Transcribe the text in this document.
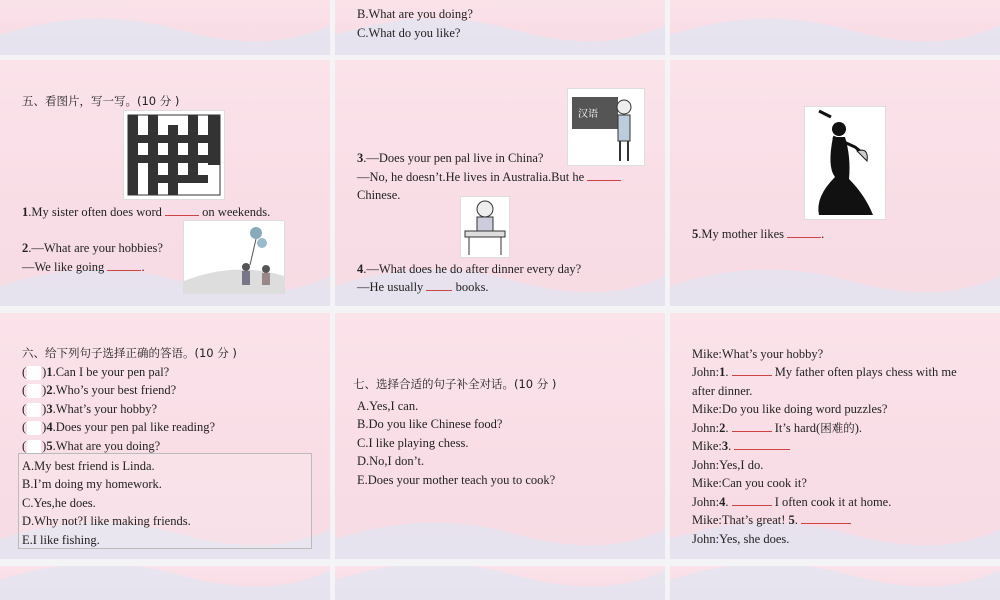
B.What are you doing?
C.What do you like?
五、看图片，写一写。(10 分 )
1.My sister often does word	on weekends.
2.—What are your hobbies?
—We like going	.
汉语
3.—Does your pen pal live in China?
—No, he doesn’t.He lives in Australia.But he
Chinese.
4.—What does he do after dinner every day?
—He usually  books.
5.My mother likes	.
六、给下列句子选择正确的答语。(10 分 )
( )1.Can I be your pen pal?
( )2.Who’s your best friend?
( )3.What’s your hobby?
( )4.Does your pen pal like reading?
( )5.What are you doing?
A.My best friend is Linda.
B.I’m doing my homework.
C.Yes,he does.
D.Why not?I like making friends.
E.I like fishing.
七、选择合适的句子补全对话。(10 分 )
A.Yes,I can.
B.Do you like Chinese food?
C.I like playing chess.
D.No,I don’t.
E.Does your mother teach you to cook?
Mike:What’s your hobby?
John:1.	My father often plays chess with me
after dinner.
Mike:Do you like doing word puzzles?
John:2.	It’s hard(困难的).
Mike:3.
John:Yes,I do.
Mike:Can you cook it?
John:4.	I often cook it at home.
Mike:That’s great! 5.
John:Yes, she does.
